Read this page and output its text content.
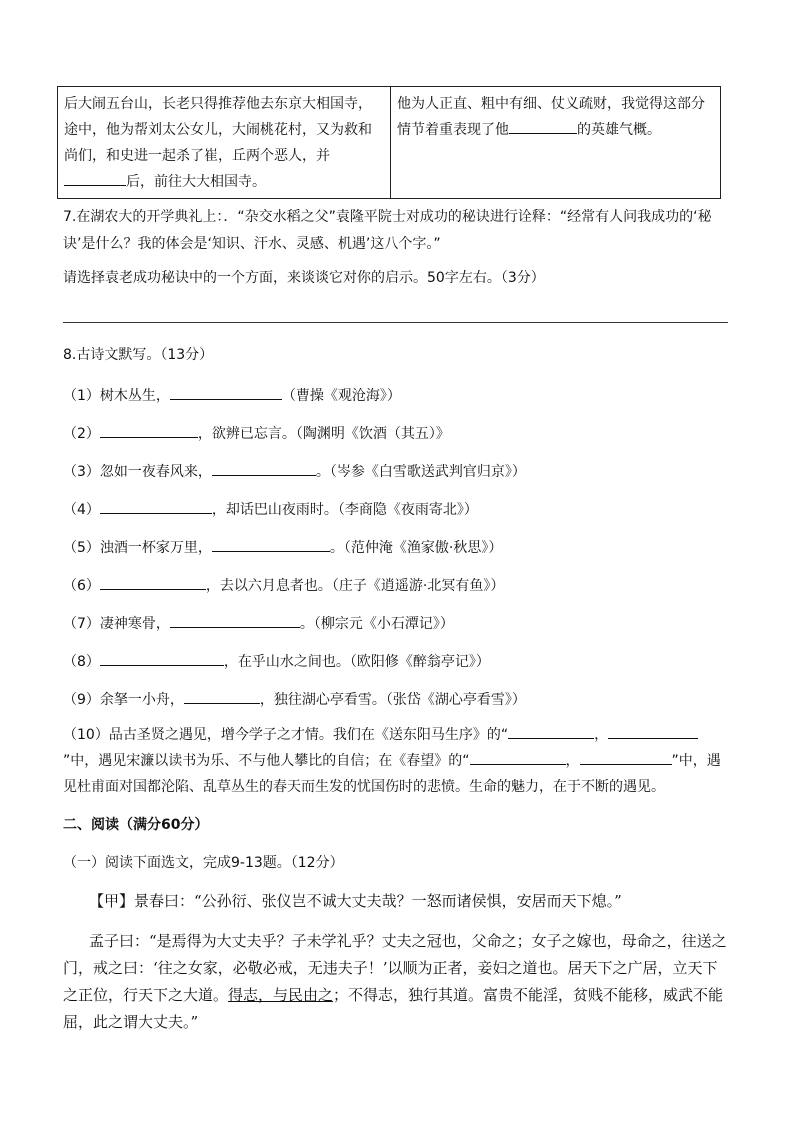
后大闹五台山，长老只得推荐他去东京大相国寺，途中，他为帮刘太公女儿，大闹桃花村，又为救和尚们，和史进一起杀了崔，丘两个恶人，并后，前往大大相国寺。
他为人正直、粗中有细、仗义疏财，我觉得这部分情节着重表现了他	的英雄气概。
7.在湖农大的开学典礼上：．“杂交水稻之父”袁隆平院士对成功的秘诀进行诠释：“经常有人问我成功的‘秘诀’是什么？我的体会是‘知识、汗水、灵感、机遇’这八个字。”
请选择袁老成功秘诀中的一个方面，来谈谈它对你的启示。50字左右。（3分）
8.古诗文默写。（13分）
（1）树木丛生，	（曹操《观沧海》）
（2）	，欲辨已忘言。（陶渊明《饮酒（其五）》
（3）忽如一夜春风来，	。（岑参《白雪歌送武判官归京》）
（4）	，却话巴山夜雨时。（李商隐《夜雨寄北》）
（5）浊酒一杯家万里，	。（范仲淹《渔家傲·秋思》）
（6）	，去以六月息者也。（庄子《逍遥游·北冥有鱼》）
（7）凄神寒骨，	。（柳宗元《小石潭记》）
（8）	，在乎山水之间也。（欧阳修《醉翁亭记》）
（9）余拏一小舟，	，独往湖心亭看雪。（张岱《湖心亭看雪》）
（10）品古圣贤之遇见，增今学子之才情。我们在《送东阳马生序》的“	，”中，遇见宋濂以读书为乐、不与他人攀比的自信；在《春望》的“	，	”中，遇见杜甫面对国都沦陷、乱草丛生的春天而生发的忧国伤时的悲愤。生命的魅力，在于不断的遇见。
二、阅读（满分60分）
（一）阅读下面选文，完成9-13题。（12分）
【甲】景春曰：“公孙衍、张仪岂不诚大丈夫哉？一怒而诸侯惧，安居而天下熄。”
孟子曰：“是焉得为大丈夫乎？子未学礼乎？丈夫之冠也，父命之；女子之嫁也，母命之，往送之门，戒之曰：‘往之女家，必敬必戒，无违夫子！’以顺为正者，妾妇之道也。居天下之广居，立天下之正位，行天下之大道。得志，与民由之；不得志，独行其道。富贵不能淫，贫贱不能移，威武不能屈，此之谓大丈夫。”
